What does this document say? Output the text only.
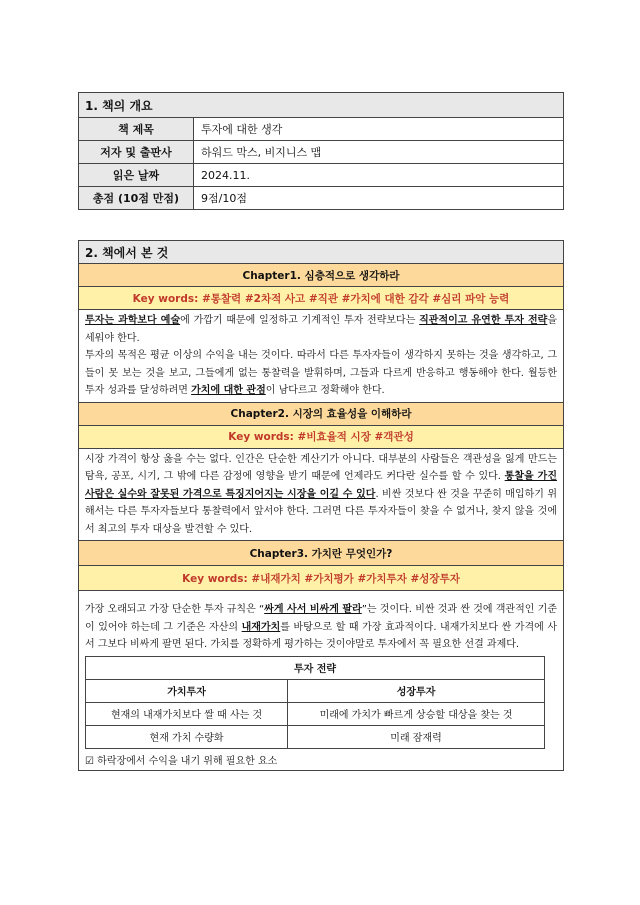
1. 책의 개요
책 제목	투자에 대한 생각
저자 및 출판사	하워드 막스, 비지니스 맵
읽은 날짜	2024.11.
총점 (10점 만점)	9점/10점
2. 책에서 본 것
Chapter1. 심층적으로 생각하라
Key words: #통찰력 #2차적 사고 #직관 #가치에 대한 감각 #심리 파악 능력

투자는 과학보다 예술에 가깝기 때문에 일정하고 기계적인 투자 전략보다는 직관적이고 유연한 투자 전략을 세워야 한다.

투자의 목적은 평균 이상의 수익을 내는 것이다. 따라서 다른 투자자들이 생각하지 못하는 것을 생각하고, 그들이 못 보는 것을 보고, 그들에게 없는 통찰력을 발휘하며, 그들과 다르게 반응하고 행동해야 한다. 월등한 투자 성과를 달성하려면 가치에 대한 관점이 남다르고 정확해야 한다.

Chapter2. 시장의 효율성을 이해하라
Key words: #비효율적 시장 #객관성

시장 가격이 항상 옳을 수는 없다. 인간은 단순한 계산기가 아니다. 대부분의 사람들은 객관성을 잃게 만드는 탐욕, 공포, 시기, 그 밖에 다른 감정에 영향을 받기 때문에 언제라도 커다란 실수를 할 수 있다. 통찰을 가진 사람은 실수와 잘못된 가격으로 특징지어지는 시장을 이길 수 있다. 비싼 것보다 싼 것을 꾸준히 매입하기 위해서는 다른 투자자들보다 통찰력에서 앞서야 한다. 그러면 다른 투자자들이 찾을 수 없거나, 찾지 않을 것에서 최고의 투자 대상을 발견할 수 있다.

Chapter3. 가치란 무엇인가?
Key words: #내재가치 #가치평가 #가치투자 #성장투자

가장 오래되고 가장 단순한 투자 규칙은 “싸게 사서 비싸게 팔라”는 것이다. 비싼 것과 싼 것에 객관적인 기준이 있어야 하는데 그 기준은 자산의 내재가치를 바탕으로 할 때 가장 효과적이다. 내재가치보다 싼 가격에 사서 그보다 비싸게 팔면 된다. 가치를 정확하게 평가하는 것이야말로 투자에서 꼭 필요한 선결 과제다.

투자 전략	
가치투자	성장투자
현재의 내재가치보다 쌀 때 사는 것	미래에 가치가 빠르게 상승할 대상을 찾는 것
현재 가치 수량화	미래 잠재력
☑ 하락장에서 수익을 내기 위해 필요한 요소
